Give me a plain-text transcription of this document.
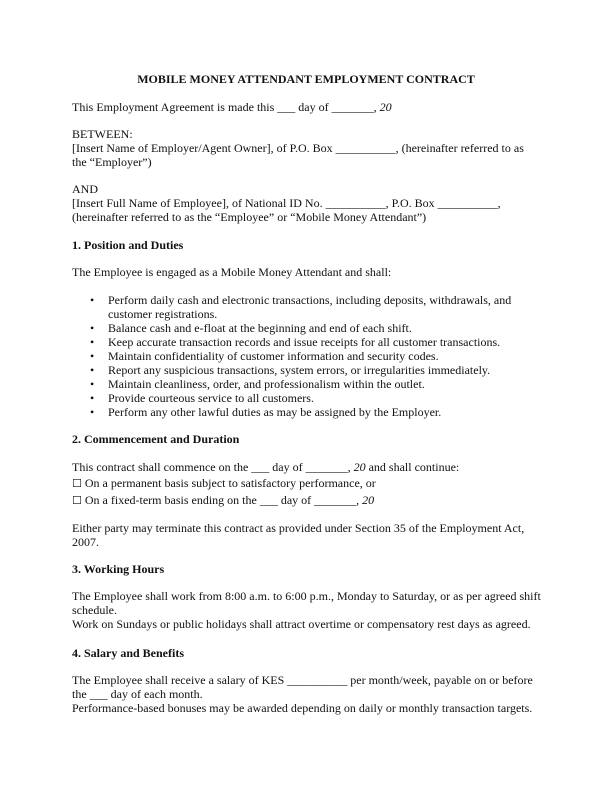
MOBILE MONEY ATTENDANT EMPLOYMENT CONTRACT
This Employment Agreement is made this ___ day of _______, 20
BETWEEN:
[Insert Name of Employer/Agent Owner], of P.O. Box __________, (hereinafter referred to as
the “Employer”)
AND
[Insert Full Name of Employee], of National ID No. __________, P.O. Box __________,
(hereinafter referred to as the “Employee” or “Mobile Money Attendant”)
1. Position and Duties
The Employee is engaged as a Mobile Money Attendant and shall:
• Perform daily cash and electronic transactions, including deposits, withdrawals, and customer registrations.
• Balance cash and e-float at the beginning and end of each shift.
• Keep accurate transaction records and issue receipts for all customer transactions.
• Maintain confidentiality of customer information and security codes.
• Report any suspicious transactions, system errors, or irregularities immediately.
• Maintain cleanliness, order, and professionalism within the outlet.
• Provide courteous service to all customers.
• Perform any other lawful duties as may be assigned by the Employer.
2. Commencement and Duration
This contract shall commence on the ___ day of _______, 20 and shall continue:
☐ On a permanent basis subject to satisfactory performance, or
☐ On a fixed-term basis ending on the ___ day of _______, 20
Either party may terminate this contract as provided under Section 35 of the Employment Act, 2007.
3. Working Hours
The Employee shall work from 8:00 a.m. to 6:00 p.m., Monday to Saturday, or as per agreed shift schedule.
Work on Sundays or public holidays shall attract overtime or compensatory rest days as agreed.
4. Salary and Benefits
The Employee shall receive a salary of KES __________ per month/week, payable on or before the ___ day of each month.
Performance-based bonuses may be awarded depending on daily or monthly transaction targets.
